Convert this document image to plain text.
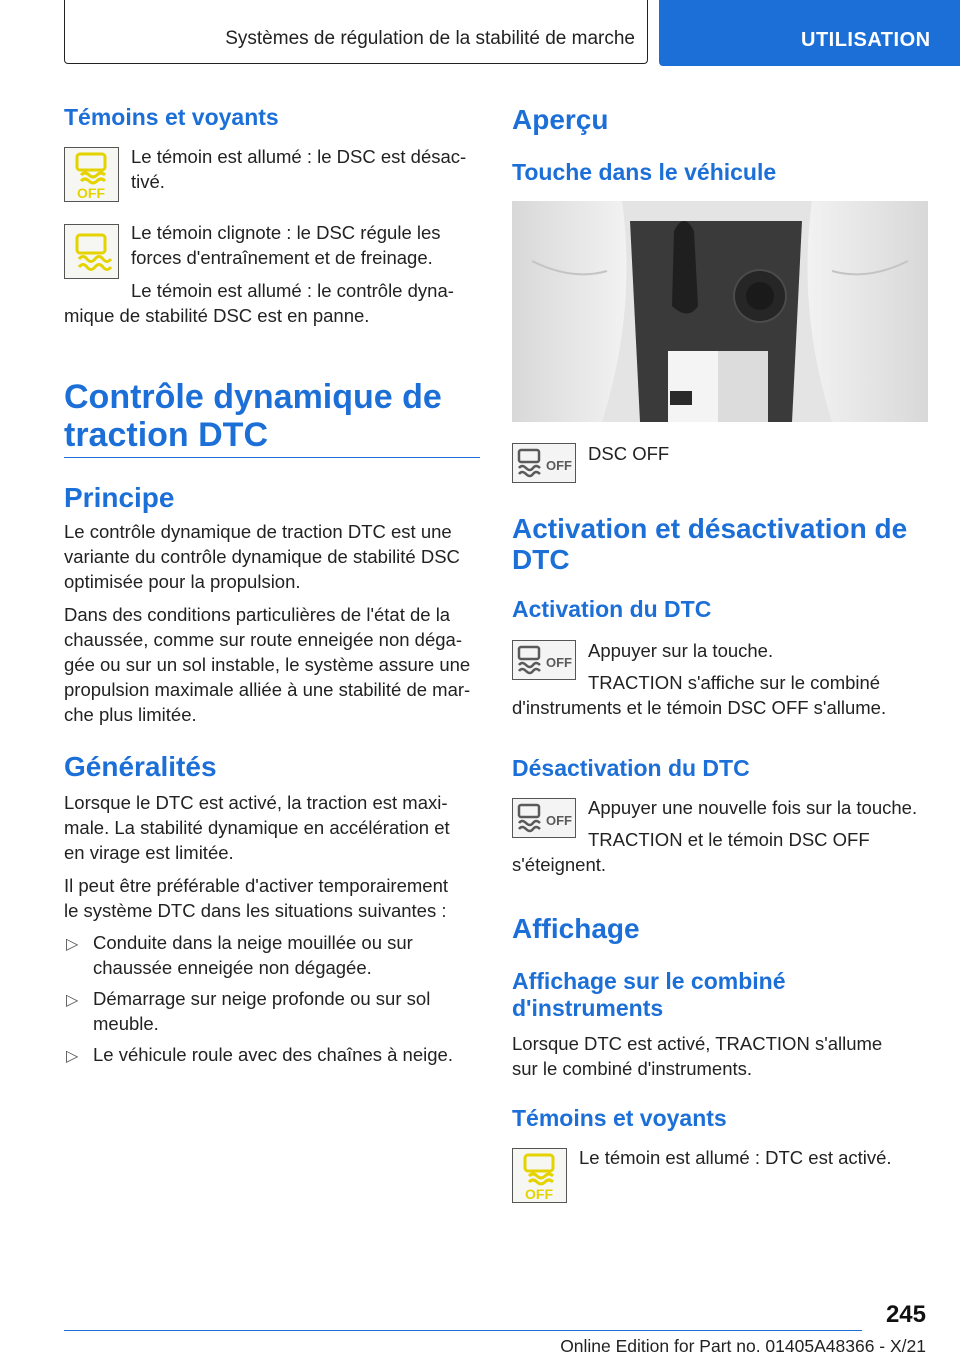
Systèmes de régulation de la stabilité de marche	UTILISATION
Témoins et voyants
OFF

Le témoin est allumé : le DSC est désac-

tivé.

Le témoin clignote : le DSC régule les

forces d'entraînement et de freinage.

Le témoin est allumé : le contrôle dyna-

mique de stabilité DSC est en panne.

Contrôle dynamique de
traction DTC
Principe

Le contrôle dynamique de traction DTC est une

variante du contrôle dynamique de stabilité DSC

optimisée pour la propulsion.

Dans des conditions particulières de l'état de la

chaussée, comme sur route enneigée non déga-

gée ou sur un sol instable, le système assure une

propulsion maximale alliée à une stabilité de mar-

che plus limitée.

Généralités

Lorsque le DTC est activé, la traction est maxi-

male. La stabilité dynamique en accélération et

en virage est limitée.

Il peut être préférable d'activer temporairement

le système DTC dans les situations suivantes :

▷ Conduite dans la neige mouillée ou sur

chaussée enneigée non dégagée.

▷ Démarrage sur neige profonde ou sur sol

meuble.

▷ Le véhicule roule avec des chaînes à neige.

Aperçu
Touche dans le véhicule
OFF

DSC OFF

Activation et désactivation de
DTC
Activation du DTC
OFF

Appuyer sur la touche.

TRACTION s'affiche sur le combiné

d'instruments et le témoin DSC OFF s'allume.

Désactivation du DTC
OFF

Appuyer une nouvelle fois sur la touche.

TRACTION et le témoin DSC OFF

s'éteignent.

Affichage
Affichage sur le combiné
d'instruments

Lorsque DTC est activé, TRACTION s'allume

sur le combiné d'instruments.

Témoins et voyants
OFF

Le témoin est allumé : DTC est activé.

245
Online Edition for Part no. 01405A48366 - X/21
